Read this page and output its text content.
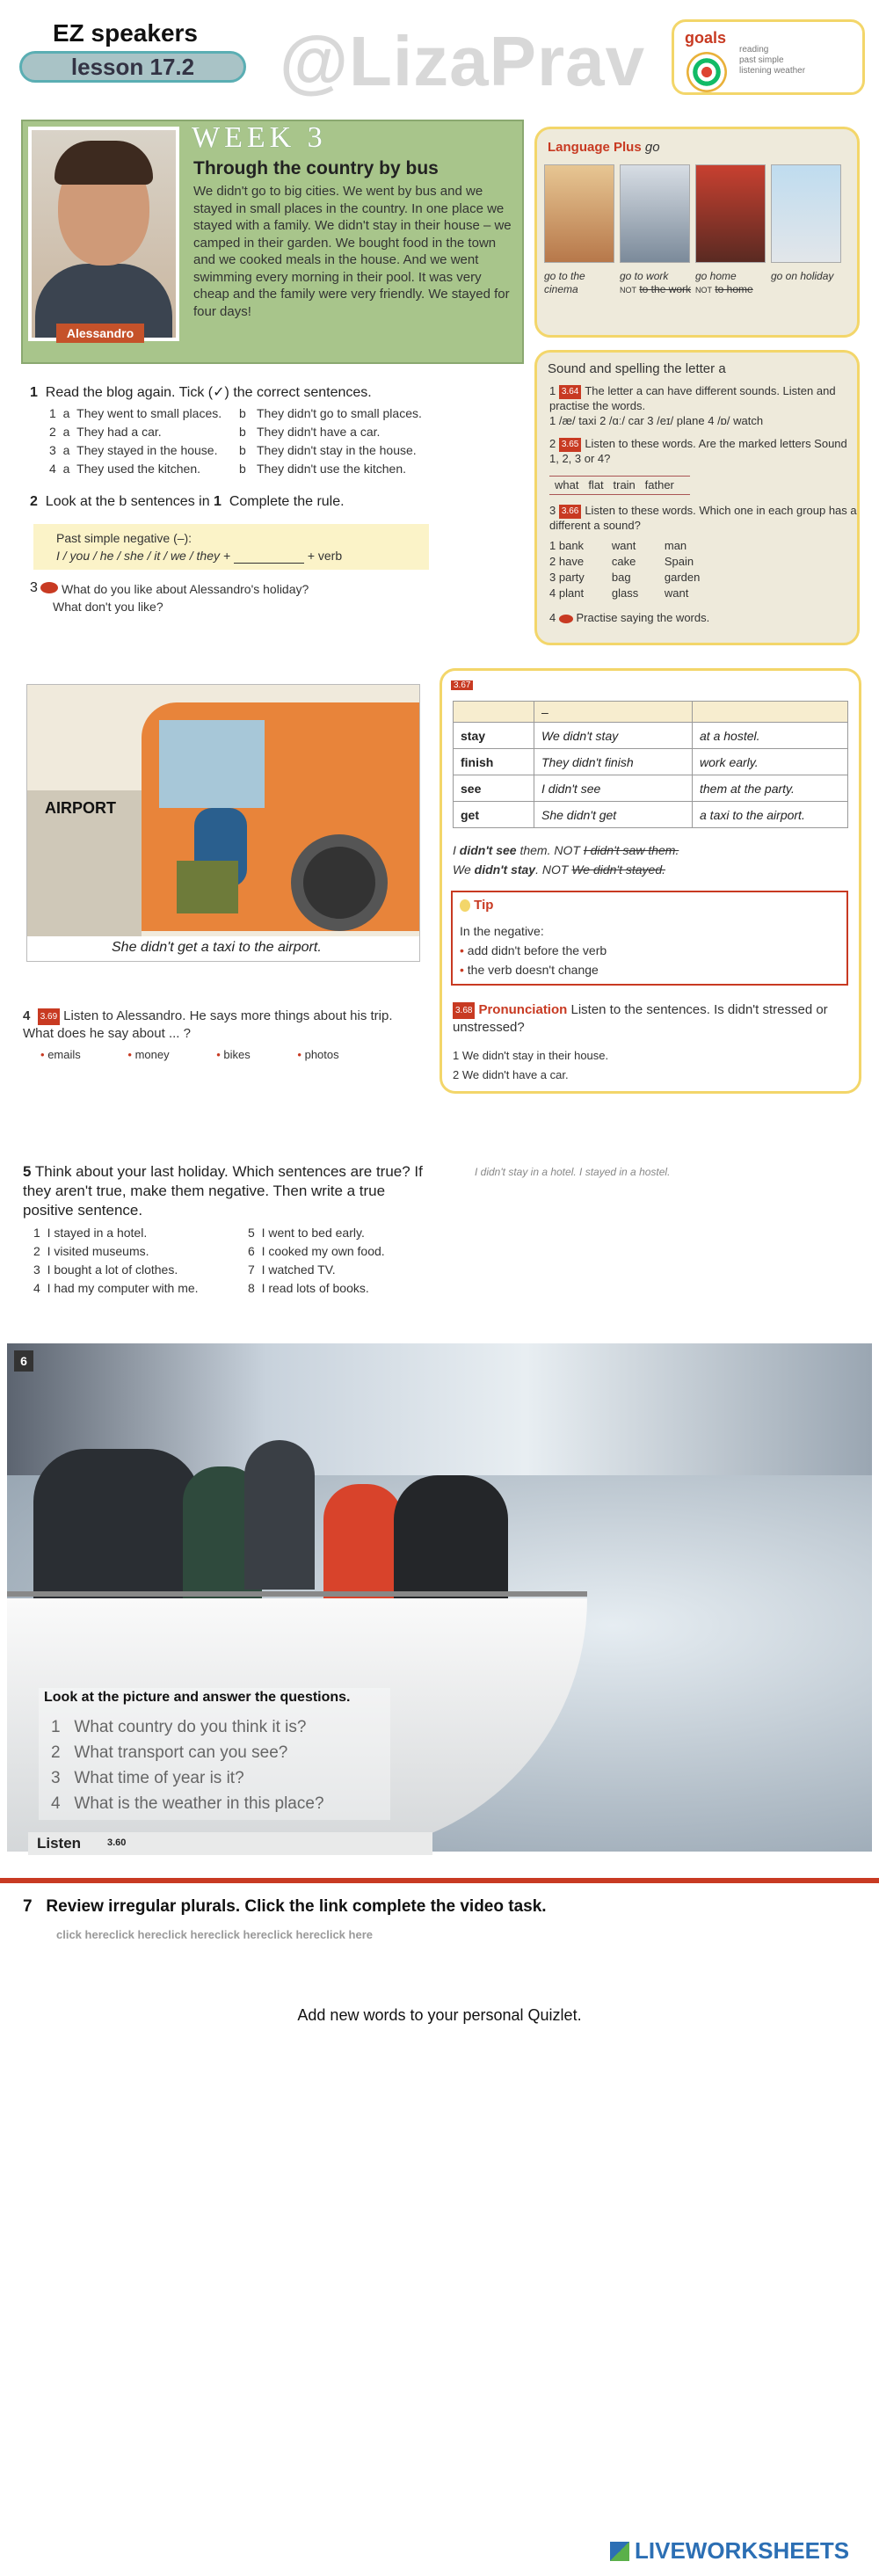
EZ speakers
lesson 17.2	@LizaPrav goals
reading
past simple
listening weather
Alessandro
WEEK 3
Through the country by bus
We didn't go to big cities. We went by bus and we stayed in small places in the country. In one place we stayed with a family. We didn't stay in their house – we camped in their garden. We bought food in the town and we cooked meals in the house. And we went swimming every morning in their pool. It was very cheap and the family were very friendly. We stayed for four days!
1 Read the blog again. Tick (✓) the correct sentences.
1 a They went to small places. b They didn't go to small places.
2 a They had a car.	b They didn't have a car.
3 a They stayed in the house. b They didn't stay in the house.
4 a They used the kitchen.	b They didn't use the kitchen.
2 Look at the b sentences in 1 Complete the rule.
Past simple negative (–):
I / you / he / she / it / we / they +	+ verb
3 What do you like about Alessandro's holiday?
What don't you like?
Language Plus go
go to the cinema
go to work
NOT to the work
go home
NOT to home
go on holiday
Sound and spelling the letter a
1 3.64 The letter a can have different sounds. Listen and practise the words.
1 /æ/ taxi 2 /ɑː/ car 3 /eɪ/ plane 4 /ɒ/ watch
2 3.65 Listen to these words. Are the marked letters Sound 1, 2, 3 or 4?
what flat train father
3 3.66 Listen to these words. Which one in each group has a different a sound?
1 bank want	man
2 have cake	Spain
3 party bag	garden
4 plant glass want
4 Practise saying the words.
AIRPORT
She didn't get a taxi to the airport.
4 3.69 Listen to Alessandro. He says more things about his trip. What does he say about ... ?
• emails	• money	• bikes	• photos
3.67
	–	
stay	We didn't stay	at a hostel.
finish	They didn't finish	work early.
see	I didn't see	them at the party.
get	She didn't get	a taxi to the airport.
I didn't see them. NOT I didn't saw them.
We didn't stay. NOT We didn't stayed.
Tip
In the negative:
• add didn't before the verb
• the verb doesn't change
3.68 Pronunciation Listen to the sentences. Is didn't stressed or unstressed?
1 We didn't stay in their house.
2 We didn't have a car.
5 Think about your last holiday. Which sentences are true? If they aren't true, make them negative. Then write a true positive sentence.
I didn't stay in a hotel. I stayed in a hostel.
1 I stayed in a hotel.
2 I visited museums.
3 I bought a lot of clothes.
4 I had my computer with me.
5 I went to bed early.
6 I cooked my own food.
7 I watched TV.
8 I read lots of books.
6
Look at the picture and answer the questions.
1 What country do you think it is?
2 What transport can you see?
3 What time of year is it?
4 What is the weather in this place?
Listen	3.60
7 Review irregular plurals. Click the link complete the video task.
click hereclick hereclick hereclick hereclick hereclick here
Add new words to your personal Quizlet.
LIVEWORKSHEETS
